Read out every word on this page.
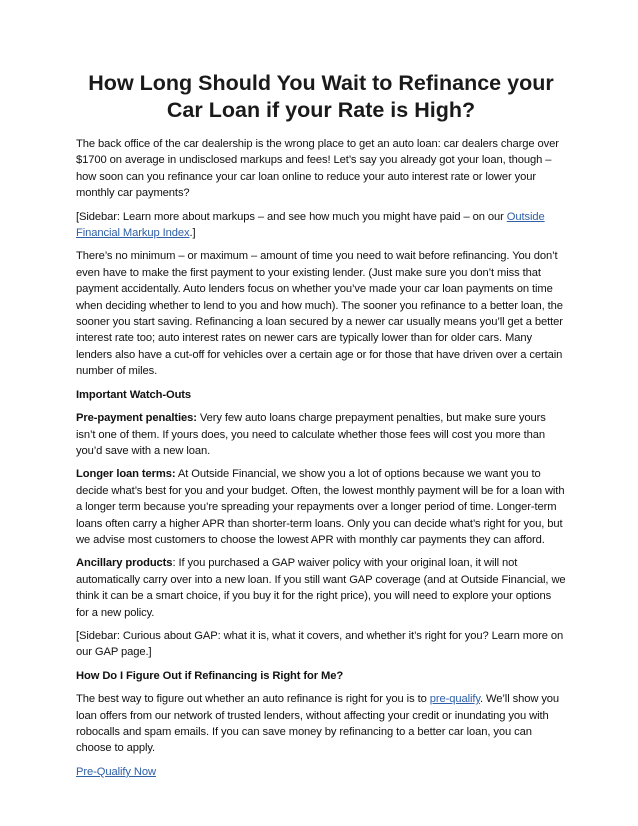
How Long Should You Wait to Refinance your Car Loan if your Rate is High?

The back office of the car dealership is the wrong place to get an auto loan: car dealers charge over $1700 on average in undisclosed markups and fees! Let’s say you already got your loan, though – how soon can you refinance your car loan online to reduce your auto interest rate or lower your monthly car payments?

[Sidebar: Learn more about markups – and see how much you might have paid – on our Outside Financial Markup Index.]

There’s no minimum – or maximum – amount of time you need to wait before refinancing. You don’t even have to make the first payment to your existing lender. (Just make sure you don’t miss that payment accidentally. Auto lenders focus on whether you’ve made your car loan payments on time when deciding whether to lend to you and how much). The sooner you refinance to a better loan, the sooner you start saving. Refinancing a loan secured by a newer car usually means you’ll get a better interest rate too; auto interest rates on newer cars are typically lower than for older cars. Many lenders also have a cut-off for vehicles over a certain age or for those that have driven over a certain number of miles.

Important Watch-Outs

Pre-payment penalties: Very few auto loans charge prepayment penalties, but make sure yours isn’t one of them. If yours does, you need to calculate whether those fees will cost you more than you’d save with a new loan.

Longer loan terms: At Outside Financial, we show you a lot of options because we want you to decide what’s best for you and your budget. Often, the lowest monthly payment will be for a loan with a longer term because you’re spreading your repayments over a longer period of time. Longer-term loans often carry a higher APR than shorter-term loans. Only you can decide what’s right for you, but we advise most customers to choose the lowest APR with monthly car payments they can afford.

Ancillary products: If you purchased a GAP waiver policy with your original loan, it will not automatically carry over into a new loan. If you still want GAP coverage (and at Outside Financial, we think it can be a smart choice, if you buy it for the right price), you will need to explore your options for a new policy.

[Sidebar: Curious about GAP: what it is, what it covers, and whether it’s right for you? Learn more on our GAP page.]

How Do I Figure Out if Refinancing is Right for Me?

The best way to figure out whether an auto refinance is right for you is to pre-qualify. We’ll show you loan offers from our network of trusted lenders, without affecting your credit or inundating you with robocalls and spam emails. If you can save money by refinancing to a better car loan, you can choose to apply.

Pre-Qualify Now
